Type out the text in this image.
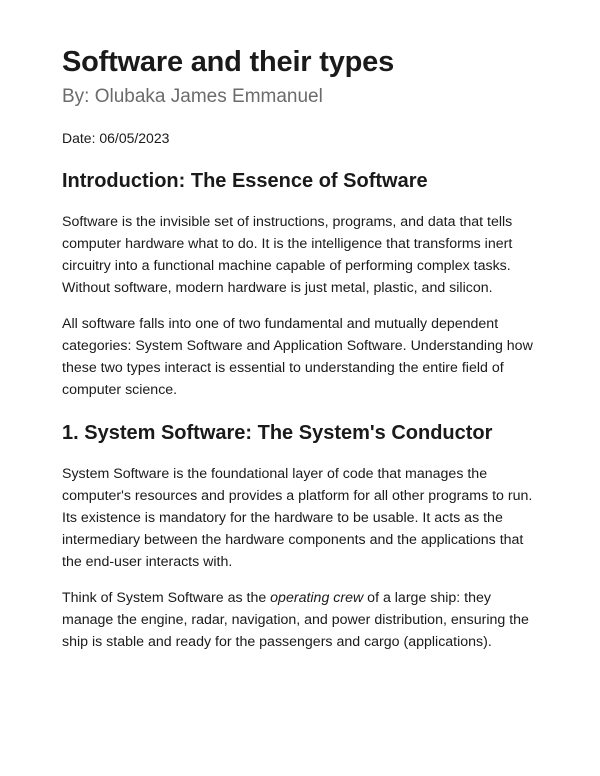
Software and their types
By: Olubaka James Emmanuel
Date: 06/05/2023
Introduction: The Essence of Software

Software is the invisible set of instructions, programs, and data that tells computer hardware what to do. It is the intelligence that transforms inert circuitry into a functional machine capable of performing complex tasks. Without software, modern hardware is just metal, plastic, and silicon.

All software falls into one of two fundamental and mutually dependent categories: System Software and Application Software. Understanding how these two types interact is essential to understanding the entire field of computer science.

1. System Software: The System's Conductor

System Software is the foundational layer of code that manages the computer's resources and provides a platform for all other programs to run. Its existence is mandatory for the hardware to be usable. It acts as the intermediary between the hardware components and the applications that the end-user interacts with.

Think of System Software as the operating crew of a large ship: they manage the engine, radar, navigation, and power distribution, ensuring the ship is stable and ready for the passengers and cargo (applications).
